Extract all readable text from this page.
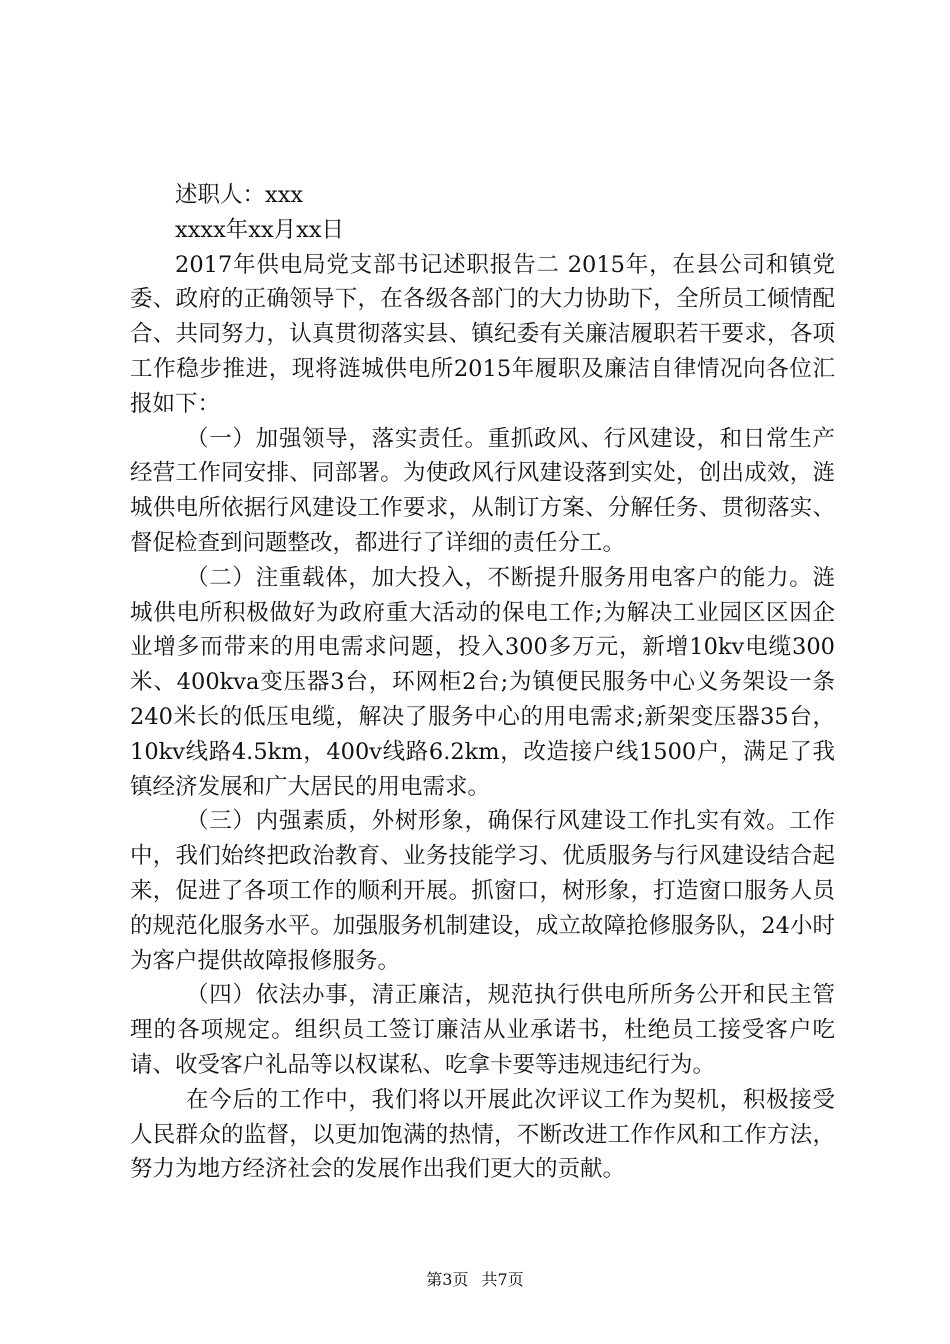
述职人：xxx

xxxx年xx月xx日

2017年供电局党支部书记述职报告二 2015年，在县公司和镇党委、政府的正确领导下，在各级各部门的大力协助下，全所员工倾情配合、共同努力，认真贯彻落实县、镇纪委有关廉洁履职若干要求，各项工作稳步推进，现将涟城供电所2015年履职及廉洁自律情况向各位汇报如下：

（一）加强领导，落实责任。重抓政风、行风建设，和日常生产经营工作同安排、同部署。为使政风行风建设落到实处，创出成效，涟城供电所依据行风建设工作要求，从制订方案、分解任务、贯彻落实、督促检查到问题整改，都进行了详细的责任分工。

（二）注重载体，加大投入，不断提升服务用电客户的能力。涟城供电所积极做好为政府重大活动的保电工作;为解决工业园区区因企业增多而带来的用电需求问题，投入300多万元，新增10kv电缆300米、400kva变压器3台，环网柜2台;为镇便民服务中心义务架设一条240米长的低压电缆，解决了服务中心的用电需求;新架变压器35台，10kv线路4.5km，400v线路6.2km，改造接户线1500户，满足了我镇经济发展和广大居民的用电需求。

（三）内强素质，外树形象，确保行风建设工作扎实有效。工作中，我们始终把政治教育、业务技能学习、优质服务与行风建设结合起来，促进了各项工作的顺利开展。抓窗口，树形象，打造窗口服务人员的规范化服务水平。加强服务机制建设，成立故障抢修服务队，24小时为客户提供故障报修服务。

（四）依法办事，清正廉洁，规范执行供电所所务公开和民主管理的各项规定。组织员工签订廉洁从业承诺书，杜绝员工接受客户吃请、收受客户礼品等以权谋私、吃拿卡要等违规违纪行为。

在今后的工作中，我们将以开展此次评议工作为契机，积极接受人民群众的监督，以更加饱满的热情，不断改进工作作风和工作方法，努力为地方经济社会的发展作出我们更大的贡献。

第3页 共7页
